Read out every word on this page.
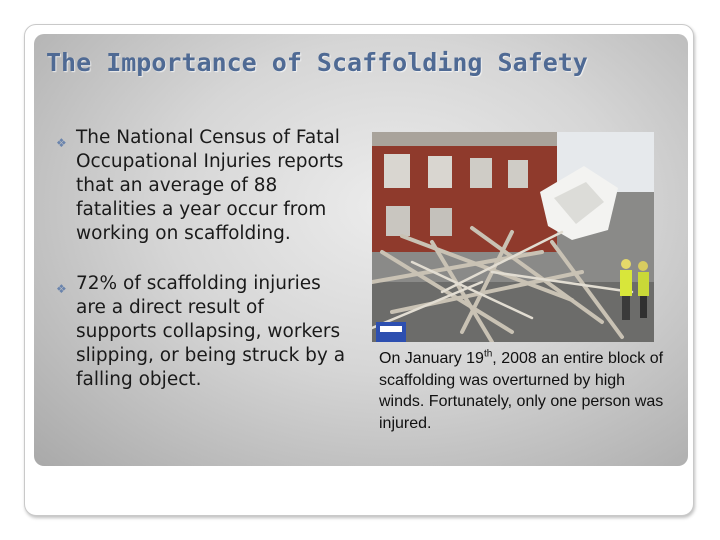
The Importance of Scaffolding Safety
❖ The National Census of Fatal Occupational Injuries reports that an average of 88 fatalities a year occur from working on scaffolding.
❖ 72% of scaffolding injuries are a direct result of supports collapsing, workers slipping, or being struck by a falling object.
On January 19th, 2008 an entire block of scaffolding was overturned by high winds. Fortunately, only one person was injured.
